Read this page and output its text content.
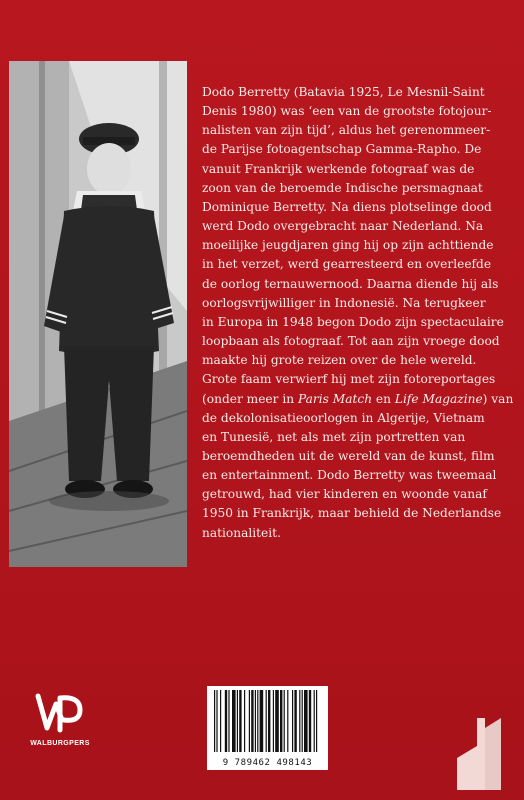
Dodo Berretty (Batavia 1925, Le Mesnil-Saint
Denis 1980) was ‘een van de grootste fotojour-
nalisten van zijn tijd’, aldus het gerenommeer-
de Parijse fotoagentschap Gamma-Rapho. De
vanuit Frankrijk werkende fotograaf was de
zoon van de beroemde Indische persmagnaat
Dominique Berretty. Na diens plotselinge dood
werd Dodo overgebracht naar Nederland. Na
moeilijke jeugdjaren ging hij op zijn achttiende
in het verzet, werd gearresteerd en overleefde
de oorlog ternauwernood. Daarna diende hij als
oorlogsvrijwilliger in Indonesië. Na terugkeer
in Europa in 1948 begon Dodo zijn spectaculaire
loopbaan als fotograaf. Tot aan zijn vroege dood
maakte hij grote reizen over de hele wereld.
Grote faam verwierf hij met zijn fotoreportages
(onder meer in Paris Match en Life Magazine) van
de dekolonisatieoorlogen in Algerije, Vietnam
en Tunesië, net als met zijn portretten van
beroemdheden uit de wereld van de kunst, film
en entertainment. Dodo Berretty was tweemaal
getrouwd, had vier kinderen en woonde vanaf
1950 in Frankrijk, maar behield de Nederlandse
nationaliteit.

WALBURGPERS
9 789462 498143
